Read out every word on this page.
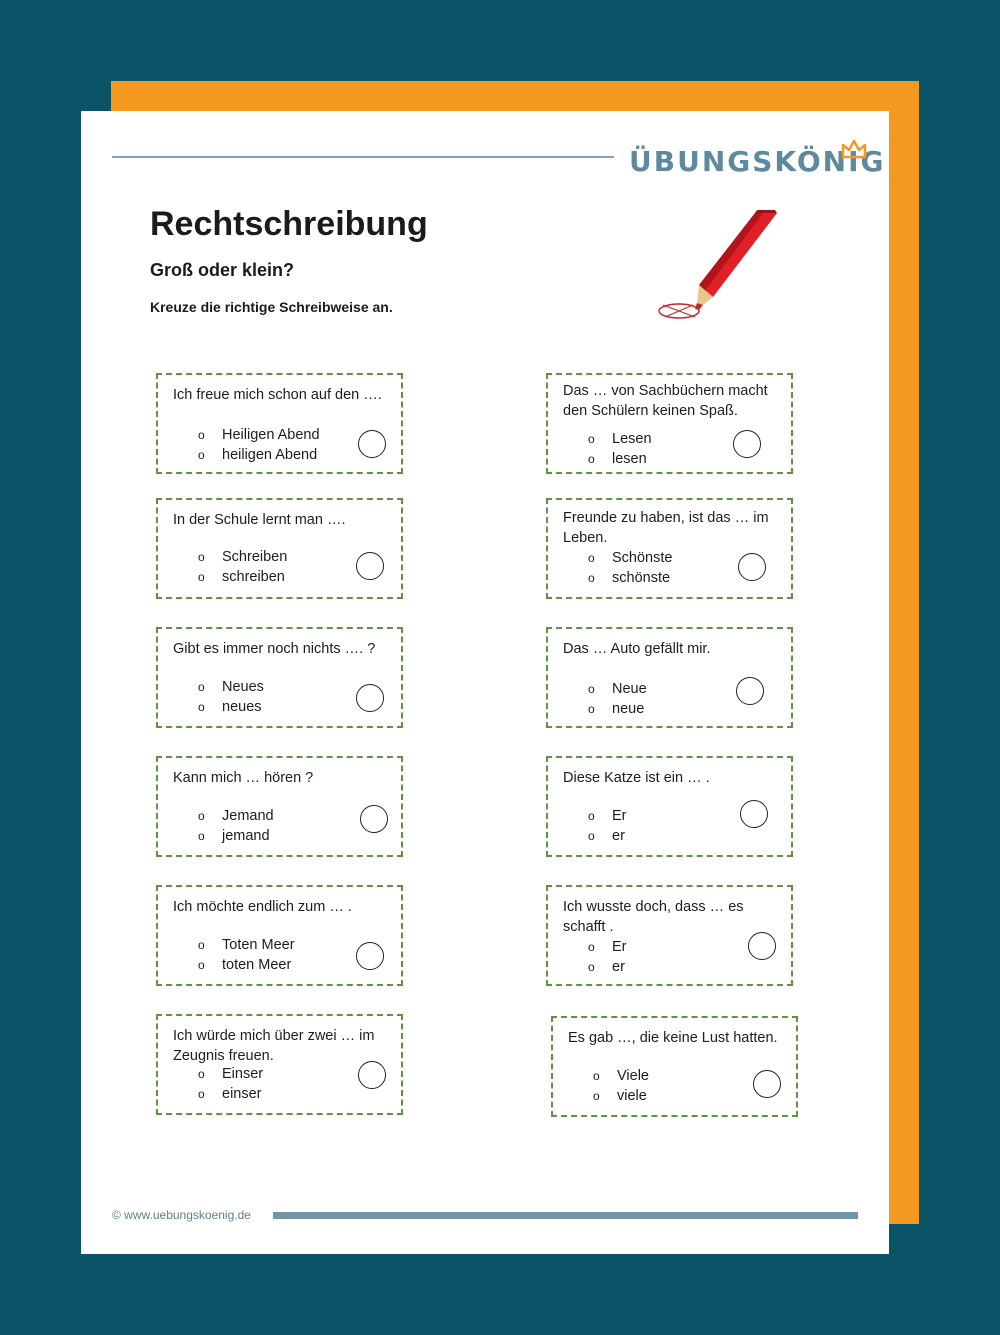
ÜBUNGSKÖNIG
Rechtschreibung
Groß oder klein?
Kreuze die richtige Schreibweise an.
Ich freue mich schon auf den ….
o Heiligen Abend
o heiligen Abend
Das … von Sachbüchern macht den Schülern keinen Spaß.
o Lesen
o lesen
In der Schule lernt man ….
o Schreiben
o schreiben
Freunde zu haben, ist das … im Leben.
o Schönste
o schönste
Gibt es immer noch nichts …. ?
o Neues
o neues
Das … Auto gefällt mir.
o Neue
o neue
Kann mich … hören ?
o Jemand
o jemand
Diese Katze ist ein … .
o Er
o er
Ich möchte endlich zum … .
o Toten Meer
o toten Meer
Ich wusste doch, dass … es schafft .
o Er
o er
Ich würde mich über zwei … im Zeugnis freuen.
o Einser
o einser
Es gab …, die keine Lust hatten.
o Viele
o viele
© www.uebungskoenig.de
